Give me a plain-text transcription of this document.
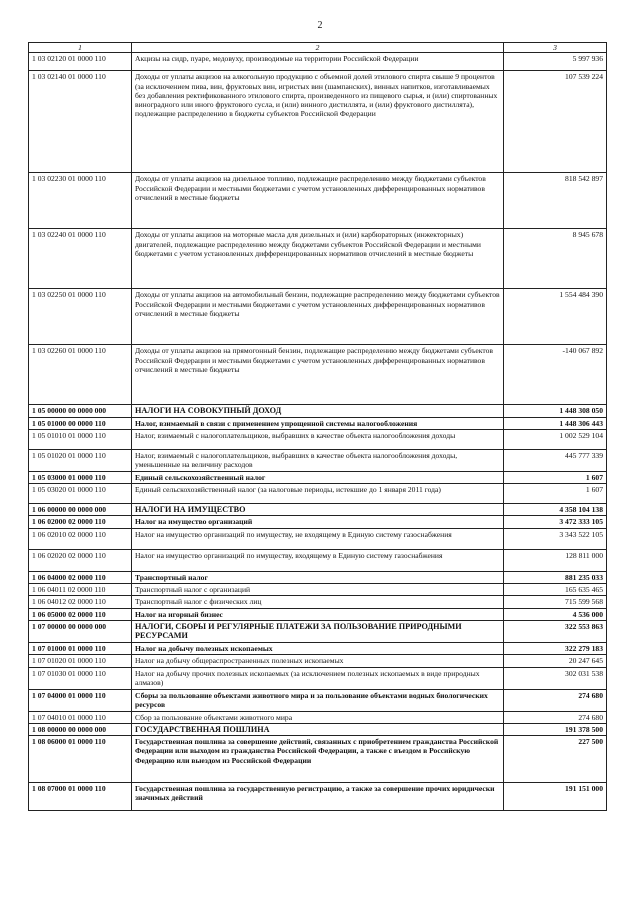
2
1	2	3
1 03 02120 01 0000 110	Акцизы на сидр, пуаре, медовуху, производимые на территории Российской Федерации	5 997 936
1 03 02140 01 0000 110	Доходы от уплаты акцизов на алкогольную продукцию с объемной долей этилового спирта свыше 9 процентов (за исключением пива, вин, фруктовых вин, игристых вин (шампанских), винных напитков, изготавливаемых без добавления ректификованного этилового спирта, произведенного из пищевого сырья, и (или) спиртованных виноградного или иного фруктового сусла, и (или) винного дистиллята, и (или) фруктового дистиллята), подлежащие распределению в бюджеты субъектов Российской Федерации	107 539 224
1 03 02230 01 0000 110	Доходы от уплаты акцизов на дизельное топливо, подлежащие распределению между бюджетами субъектов Российской Федерации и местными бюджетами с учетом установленных дифференцированных нормативов отчислений в местные бюджеты	818 542 897
1 03 02240 01 0000 110	Доходы от уплаты акцизов на моторные масла для дизельных и (или) карбюраторных (инжекторных) двигателей, подлежащие распределению между бюджетами субъектов Российской Федерации и местными бюджетами с учетом установленных дифференцированных нормативов отчислений в местные бюджеты	8 945 678
1 03 02250 01 0000 110	Доходы от уплаты акцизов на автомобильный бензин, подлежащие распределению между бюджетами субъектов Российской Федерации и местными бюджетами с учетом установленных дифференцированных нормативов отчислений в местные бюджеты	1 554 484 390
1 03 02260 01 0000 110	Доходы от уплаты акцизов на прямогонный бензин, подлежащие распределению между бюджетами субъектов Российской Федерации и местными бюджетами с учетом установленных дифференцированных нормативов отчислений в местные бюджеты	-140 067 892
1 05 00000 00 0000 000	НАЛОГИ НА СОВОКУПНЫЙ ДОХОД	1 448 308 050
1 05 01000 00 0000 110	Налог, взимаемый в связи с применением упрощенной системы налогообложения	1 448 306 443
1 05 01010 01 0000 110	Налог, взимаемый с налогоплательщиков, выбравших в качестве объекта налогообложения доходы	1 002 529 104
1 05 01020 01 0000 110	Налог, взимаемый с налогоплательщиков, выбравших в качестве объекта налогообложения доходы, уменьшенные на величину расходов	445 777 339
1 05 03000 01 0000 110	Единый сельскохозяйственный налог	1 607
1 05 03020 01 0000 110	Единый сельскохозяйственный налог (за налоговые периоды, истекшие до 1 января 2011 года)	1 607
1 06 00000 00 0000 000	НАЛОГИ НА ИМУЩЕСТВО	4 358 104 138
1 06 02000 02 0000 110	Налог на имущество организаций	3 472 333 105
1 06 02010 02 0000 110	Налог на имущество организаций по имуществу, не входящему в Единую систему газоснабжения	3 343 522 105
1 06 02020 02 0000 110	Налог на имущество организаций по имуществу, входящему в Единую систему газоснабжения	128 811 000
1 06 04000 02 0000 110	Транспортный налог	881 235 033
1 06 04011 02 0000 110	Транспортный налог с организаций	165 635 465
1 06 04012 02 0000 110	Транспортный налог с физических лиц	715 599 568
1 06 05000 02 0000 110	Налог на игорный бизнес	4 536 000
1 07 00000 00 0000 000	НАЛОГИ, СБОРЫ И РЕГУЛЯРНЫЕ ПЛАТЕЖИ ЗА ПОЛЬЗОВАНИЕ ПРИРОДНЫМИ РЕСУРСАМИ	322 553 863
1 07 01000 01 0000 110	Налог на добычу полезных ископаемых	322 279 183
1 07 01020 01 0000 110	Налог на добычу общераспространенных полезных ископаемых	20 247 645
1 07 01030 01 0000 110	Налог на добычу прочих полезных ископаемых (за исключением полезных ископаемых в виде природных алмазов)	302 031 538
1 07 04000 01 0000 110	Сборы за пользование объектами животного мира и за пользование объектами водных биологических ресурсов	274 680
1 07 04010 01 0000 110	Сбор за пользование объектами животного мира	274 680
1 08 00000 00 0000 000	ГОСУДАРСТВЕННАЯ ПОШЛИНА	191 378 500
1 08 06000 01 0000 110	Государственная пошлина за совершение действий, связанных с приобретением гражданства Российской Федерации или выходом из гражданства Российской Федерации, а также с въездом в Российскую Федерацию или выездом из Российской Федерации	227 500
1 08 07000 01 0000 110	Государственная пошлина за государственную регистрацию, а также за совершение прочих юридически значимых действий	191 151 000
